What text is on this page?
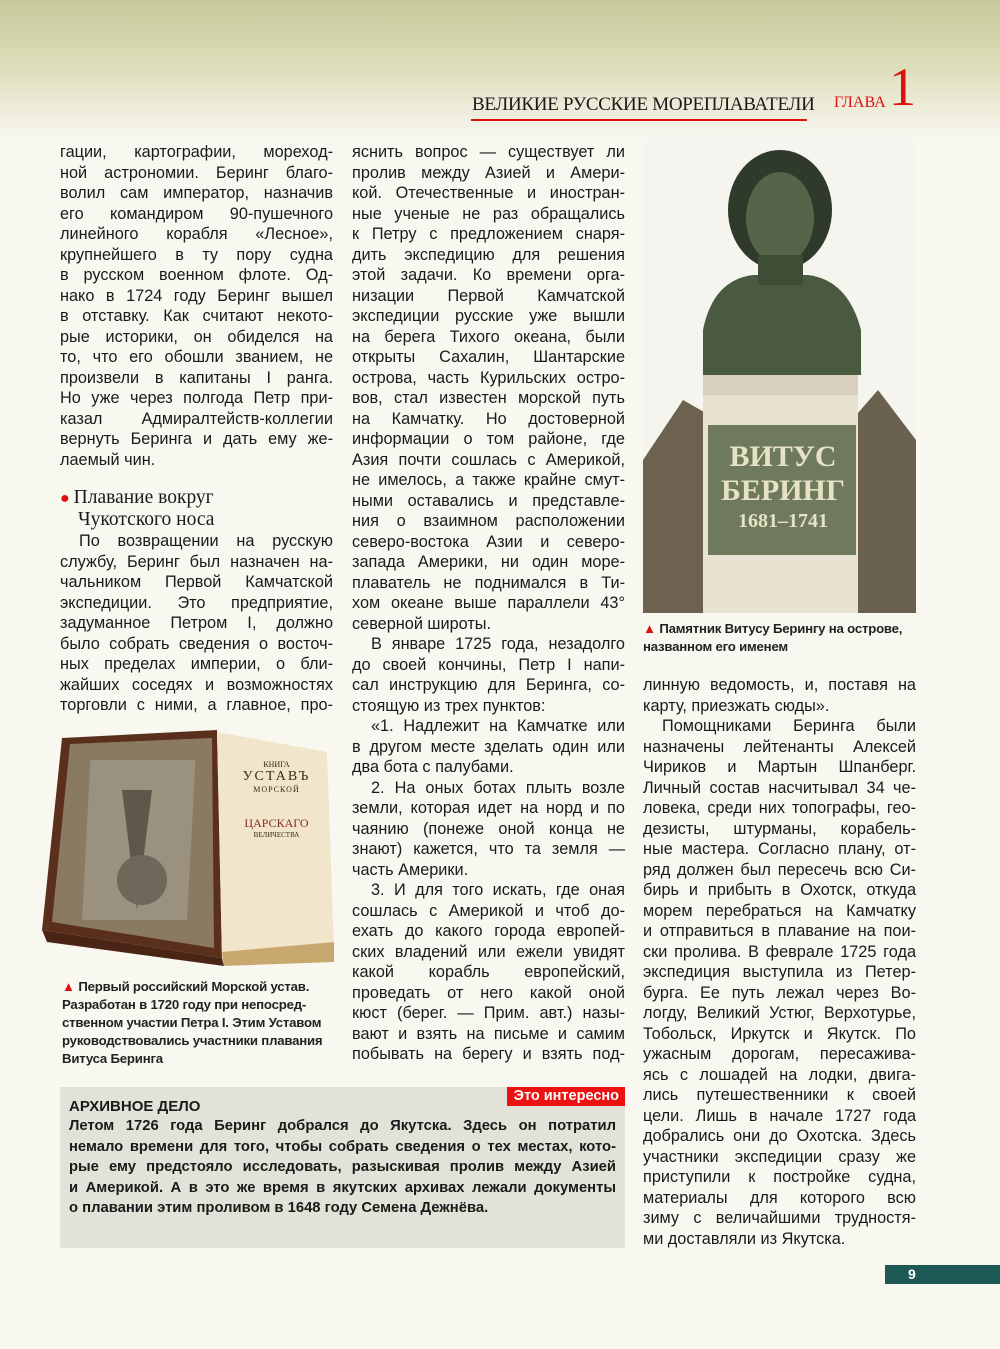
ВЕЛИКИЕ РУССКИЕ МОРЕПЛАВАТЕЛИ ГЛАВА 1
гации, картографии, мореход-
ной астрономии. Беринг благо-
волил сам император, назначив
его командиром 90-пушечного
линейного корабля «Лесное»,
крупнейшего в ту пору судна
в русском военном флоте. Од-
нако в 1724 году Беринг вышел
в отставку. Как считают некото-
рые историки, он обиделся на
то, что его обошли званием, не
произвели в капитаны I ранга.
Но уже через полгода Петр при-
казал Адмиралтейств-коллегии
вернуть Беринга и дать ему же-
лаемый чин.
● Плавание вокруг
Чукотского носа
По возвращении на русскую
службу, Беринг был назначен на-
чальником Первой Камчатской
экспедиции. Это предприятие,
задуманное Петром I, должно
было собрать сведения о восточ-
ных пределах империи, о бли-
жайших соседях и возможностях
торговли с ними, а главное, про-
КНИГА
УСТАВЪ
МОРСКОЙ
ЦАРСКАГО
ВЕЛИЧЕСТВА
▲ Первый российский Морской устав.
Разработан в 1720 году при непосред-
ственном участии Петра I. Этим Уставом
руководствовались участники плавания
Витуса Беринга
яснить вопрос — существует ли
пролив между Азией и Амери-
кой. Отечественные и иностран-
ные ученые не раз обращались
к Петру с предложением снаря-
дить экспедицию для решения
этой задачи. Ко времени орга-
низации Первой Камчатской
экспедиции русские уже вышли
на берега Тихого океана, были
открыты Сахалин, Шантарские
острова, часть Курильских остро-
вов, стал известен морской путь
на Камчатку. Но достоверной
информации о том районе, где
Азия почти сошлась с Америкой,
не имелось, а также крайне смут-
ными оставались и представле-
ния о взаимном расположении
северо-востока Азии и северо-
запада Америки, ни один море-
плаватель не поднимался в Ти-
хом океане выше параллели 43°
северной широты.
В январе 1725 года, незадолго
до своей кончины, Петр I напи-
сал инструкцию для Беринга, со-
стоящую из трех пунктов:
«1. Надлежит на Камчатке или
в другом месте зделать один или
два бота с палубами.
2. На оных ботах плыть возле
земли, которая идет на норд и по
чаянию (понеже оной конца не
знают) кажется, что та земля —
часть Америки.
3. И для того искать, где оная
сошлась с Америкой и чтоб до-
ехать до какого города европей-
ских владений или ежели увидят
какой корабль европейский,
проведать от него какой оной
кюст (берег. — Прим. авт.) назы-
вают и взять на письме и самим
побывать на берегу и взять под-
ВИТУС
БЕРИНГ
1681–1741
▲ Памятник Витусу Берингу на острове,
названном его именем
линную ведомость, и, поставя на
карту, приезжать сюды».
Помощниками Беринга были
назначены лейтенанты Алексей
Чириков и Мартын Шпанберг.
Личный состав насчитывал 34 че-
ловека, среди них топографы, гео-
дезисты, штурманы, корабель-
ные мастера. Согласно плану, от-
ряд должен был пересечь всю Си-
бирь и прибыть в Охотск, откуда
морем перебраться на Камчатку
и отправиться в плавание на пои-
ски пролива. В феврале 1725 года
экспедиция выступила из Петер-
бурга. Ее путь лежал через Во-
логду, Великий Устюг, Верхотурье,
Тобольск, Иркутск и Якутск. По
ужасным дорогам, пересажива-
ясь с лошадей на лодки, двига-
лись путешественники к своей
цели. Лишь в начале 1727 года
добрались они до Охотска. Здесь
участники экспедиции сразу же
приступили к постройке судна,
материалы для которого всю
зиму с величайшими трудностя-
ми доставляли из Якутска.
Это интересно
АРХИВНОЕ ДЕЛО
Летом 1726 года Беринг добрался до Якутска. Здесь он потратил
немало времени для того, чтобы собрать сведения о тех местах, кото-
рые ему предстояло исследовать, разыскивая пролив между Азией
и Америкой. А в это же время в якутских архивах лежали документы
о плавании этим проливом в 1648 году Семена Дежнёва.
9
